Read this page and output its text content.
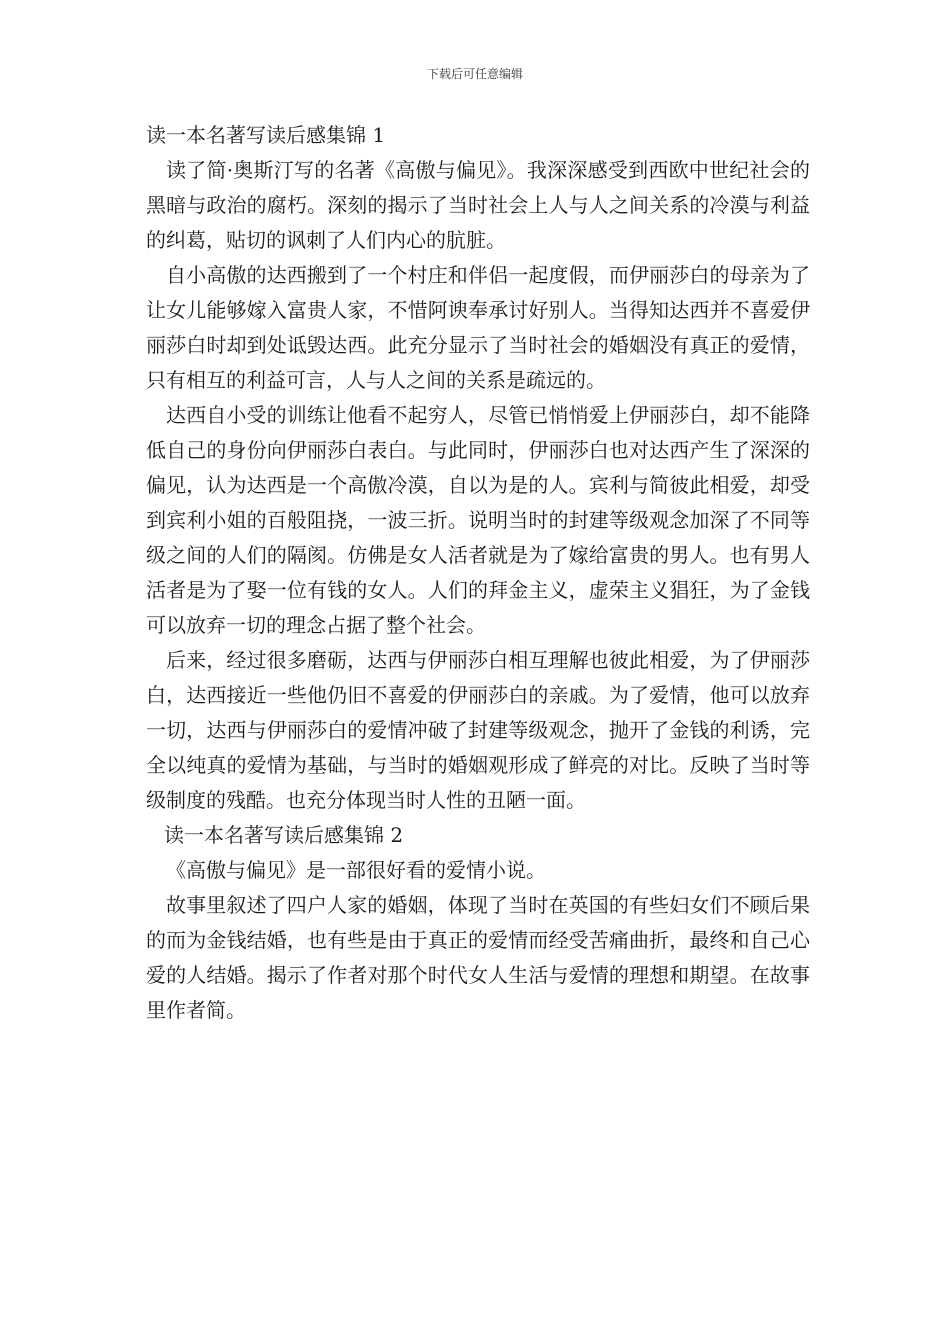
下载后可任意编辑

读一本名著写读后感集锦 1

读了简·奥斯汀写的名著《高傲与偏见》。我深深感受到西欧中世纪社会的黑暗与政治的腐朽。深刻的揭示了当时社会上人与人之间关系的冷漠与利益的纠葛，贴切的讽刺了人们内心的肮脏。

自小高傲的达西搬到了一个村庄和伴侣一起度假，而伊丽莎白的母亲为了让女儿能够嫁入富贵人家，不惜阿谀奉承讨好别人。当得知达西并不喜爱伊丽莎白时却到处诋毁达西。此充分显示了当时社会的婚姻没有真正的爱情，只有相互的利益可言，人与人之间的关系是疏远的。

达西自小受的训练让他看不起穷人，尽管已悄悄爱上伊丽莎白，却不能降低自己的身份向伊丽莎白表白。与此同时，伊丽莎白也对达西产生了深深的偏见，认为达西是一个高傲冷漠，自以为是的人。宾利与简彼此相爱，却受到宾利小姐的百般阻挠，一波三折。说明当时的封建等级观念加深了不同等级之间的人们的隔阂。仿佛是女人活者就是为了嫁给富贵的男人。也有男人活者是为了娶一位有钱的女人。人们的拜金主义，虚荣主义猖狂，为了金钱可以放弃一切的理念占据了整个社会。

后来，经过很多磨砺，达西与伊丽莎白相互理解也彼此相爱，为了伊丽莎白，达西接近一些他仍旧不喜爱的伊丽莎白的亲戚。为了爱情，他可以放弃一切，达西与伊丽莎白的爱情冲破了封建等级观念，抛开了金钱的利诱，完全以纯真的爱情为基础，与当时的婚姻观形成了鲜亮的对比。反映了当时等级制度的残酷。也充分体现当时人性的丑陋一面。

读一本名著写读后感集锦 2

《高傲与偏见》是一部很好看的爱情小说。

故事里叙述了四户人家的婚姻，体现了当时在英国的有些妇女们不顾后果的而为金钱结婚，也有些是由于真正的爱情而经受苦痛曲折，最终和自己心爱的人结婚。揭示了作者对那个时代女人生活与爱情的理想和期望。在故事里作者简。
